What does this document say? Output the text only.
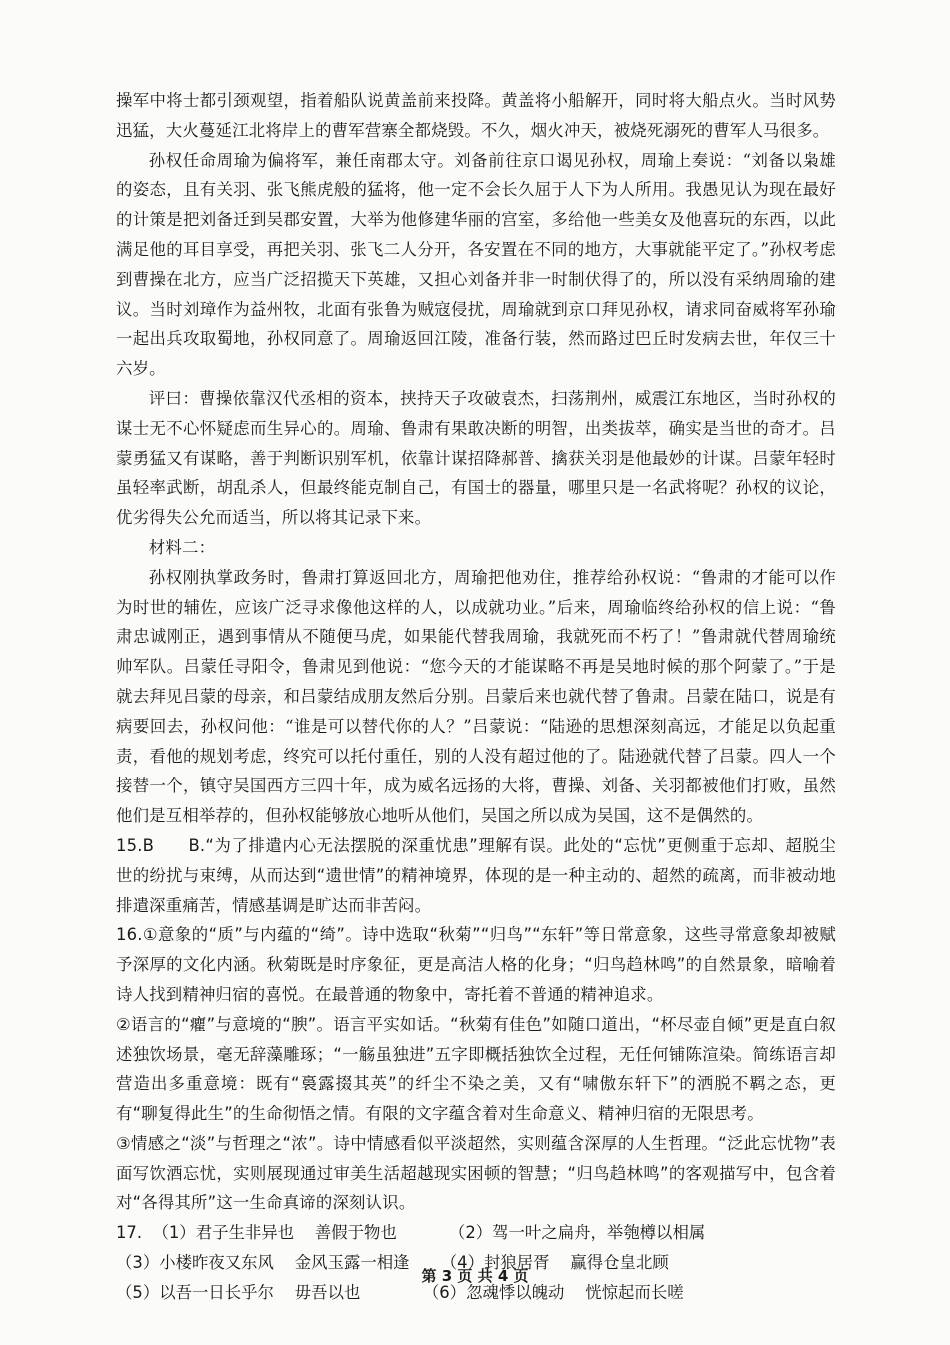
操军中将士都引颈观望，指着船队说黄盖前来投降。黄盖将小船解开，同时将大船点火。当时风势迅猛，大火蔓延江北将岸上的曹军营寨全都烧毁。不久，烟火冲天，被烧死溺死的曹军人马很多。

孙权任命周瑜为偏将军，兼任南郡太守。刘备前往京口谒见孙权，周瑜上奏说：“刘备以枭雄的姿态，且有关羽、张飞熊虎般的猛将，他一定不会长久屈于人下为人所用。我愚见认为现在最好的计策是把刘备迁到吴郡安置，大举为他修建华丽的宫室，多给他一些美女及他喜玩的东西，以此满足他的耳目享受，再把关羽、张飞二人分开，各安置在不同的地方，大事就能平定了。”孙权考虑到曹操在北方，应当广泛招揽天下英雄，又担心刘备并非一时制伏得了的，所以没有采纳周瑜的建议。当时刘璋作为益州牧，北面有张鲁为贼寇侵扰，周瑜就到京口拜见孙权，请求同奋威将军孙瑜一起出兵攻取蜀地，孙权同意了。周瑜返回江陵，准备行装，然而路过巴丘时发病去世，年仅三十六岁。

评曰：曹操依靠汉代丞相的资本，挟持天子攻破袁杰，扫荡荆州，威震江东地区，当时孙权的谋士无不心怀疑虑而生异心的。周瑜、鲁肃有果敢决断的明智，出类拔萃，确实是当世的奇才。吕蒙勇猛又有谋略，善于判断识别军机，依靠计谋招降郝普、擒获关羽是他最妙的计谋。吕蒙年轻时虽轻率武断，胡乱杀人，但最终能克制自己，有国士的器量，哪里只是一名武将呢？孙权的议论，优劣得失公允而适当，所以将其记录下来。

材料二：

孙权刚执掌政务时，鲁肃打算返回北方，周瑜把他劝住，推荐给孙权说：“鲁肃的才能可以作为时世的辅佐，应该广泛寻求像他这样的人，以成就功业。”后来，周瑜临终给孙权的信上说：“鲁肃忠诚刚正，遇到事情从不随便马虎，如果能代替我周瑜，我就死而不朽了！”鲁肃就代替周瑜统帅军队。吕蒙任寻阳令，鲁肃见到他说：“您今天的才能谋略不再是吴地时候的那个阿蒙了。”于是就去拜见吕蒙的母亲，和吕蒙结成朋友然后分别。吕蒙后来也就代替了鲁肃。吕蒙在陆口，说是有病要回去，孙权问他：“谁是可以替代你的人？”吕蒙说：“陆逊的思想深刻高远，才能足以负起重责，看他的规划考虑，终究可以托付重任，别的人没有超过他的了。陆逊就代替了吕蒙。四人一个接替一个，镇守吴国西方三四十年，成为威名远扬的大将，曹操、刘备、关羽都被他们打败，虽然他们是互相举荐的，但孙权能够放心地听从他们，吴国之所以成为吴国，这不是偶然的。

15.B　　B.“为了排遣内心无法摆脱的深重忧患”理解有误。此处的“忘忧”更侧重于忘却、超脱尘世的纷扰与束缚，从而达到“遗世情”的精神境界，体现的是一种主动的、超然的疏离，而非被动地排遣深重痛苦，情感基调是旷达而非苦闷。

16.①意象的“质”与内蕴的“绮”。诗中选取“秋菊”“归鸟”“东轩”等日常意象，这些寻常意象却被赋予深厚的文化内涵。秋菊既是时序象征，更是高洁人格的化身；“归鸟趋林鸣”的自然景象，暗喻着诗人找到精神归宿的喜悦。在最普通的物象中，寄托着不普通的精神追求。

②语言的“癯”与意境的“腴”。语言平实如话。“秋菊有佳色”如随口道出，“杯尽壶自倾”更是直白叙述独饮场景，毫无辞藻雕琢；“一觞虽独进”五字即概括独饮全过程，无任何铺陈渲染。简练语言却营造出多重意境：既有“裛露掇其英”的纤尘不染之美，又有“啸傲东轩下”的洒脱不羁之态，更有“聊复得此生”的生命彻悟之情。有限的文字蕴含着对生命意义、精神归宿的无限思考。

③情感之“淡”与哲理之“浓”。诗中情感看似平淡超然，实则蕴含深厚的人生哲理。“泛此忘忧物”表面写饮酒忘忧，实则展现通过审美生活超越现实困顿的智慧；“归鸟趋林鸣”的客观描写中，包含着对“各得其所”这一生命真谛的深刻认识。

17.  （1）君子生非异也    善假于物也          （2）驾一叶之扁舟，举匏樽以相属
（3）小楼昨夜又东风    金风玉露一相逢      （4）封狼居胥    赢得仓皇北顾
（5）以吾一日长乎尔    毋吾以也            （6）忽魂悸以魄动    恍惊起而长嗟
第 3 页 共 4 页
